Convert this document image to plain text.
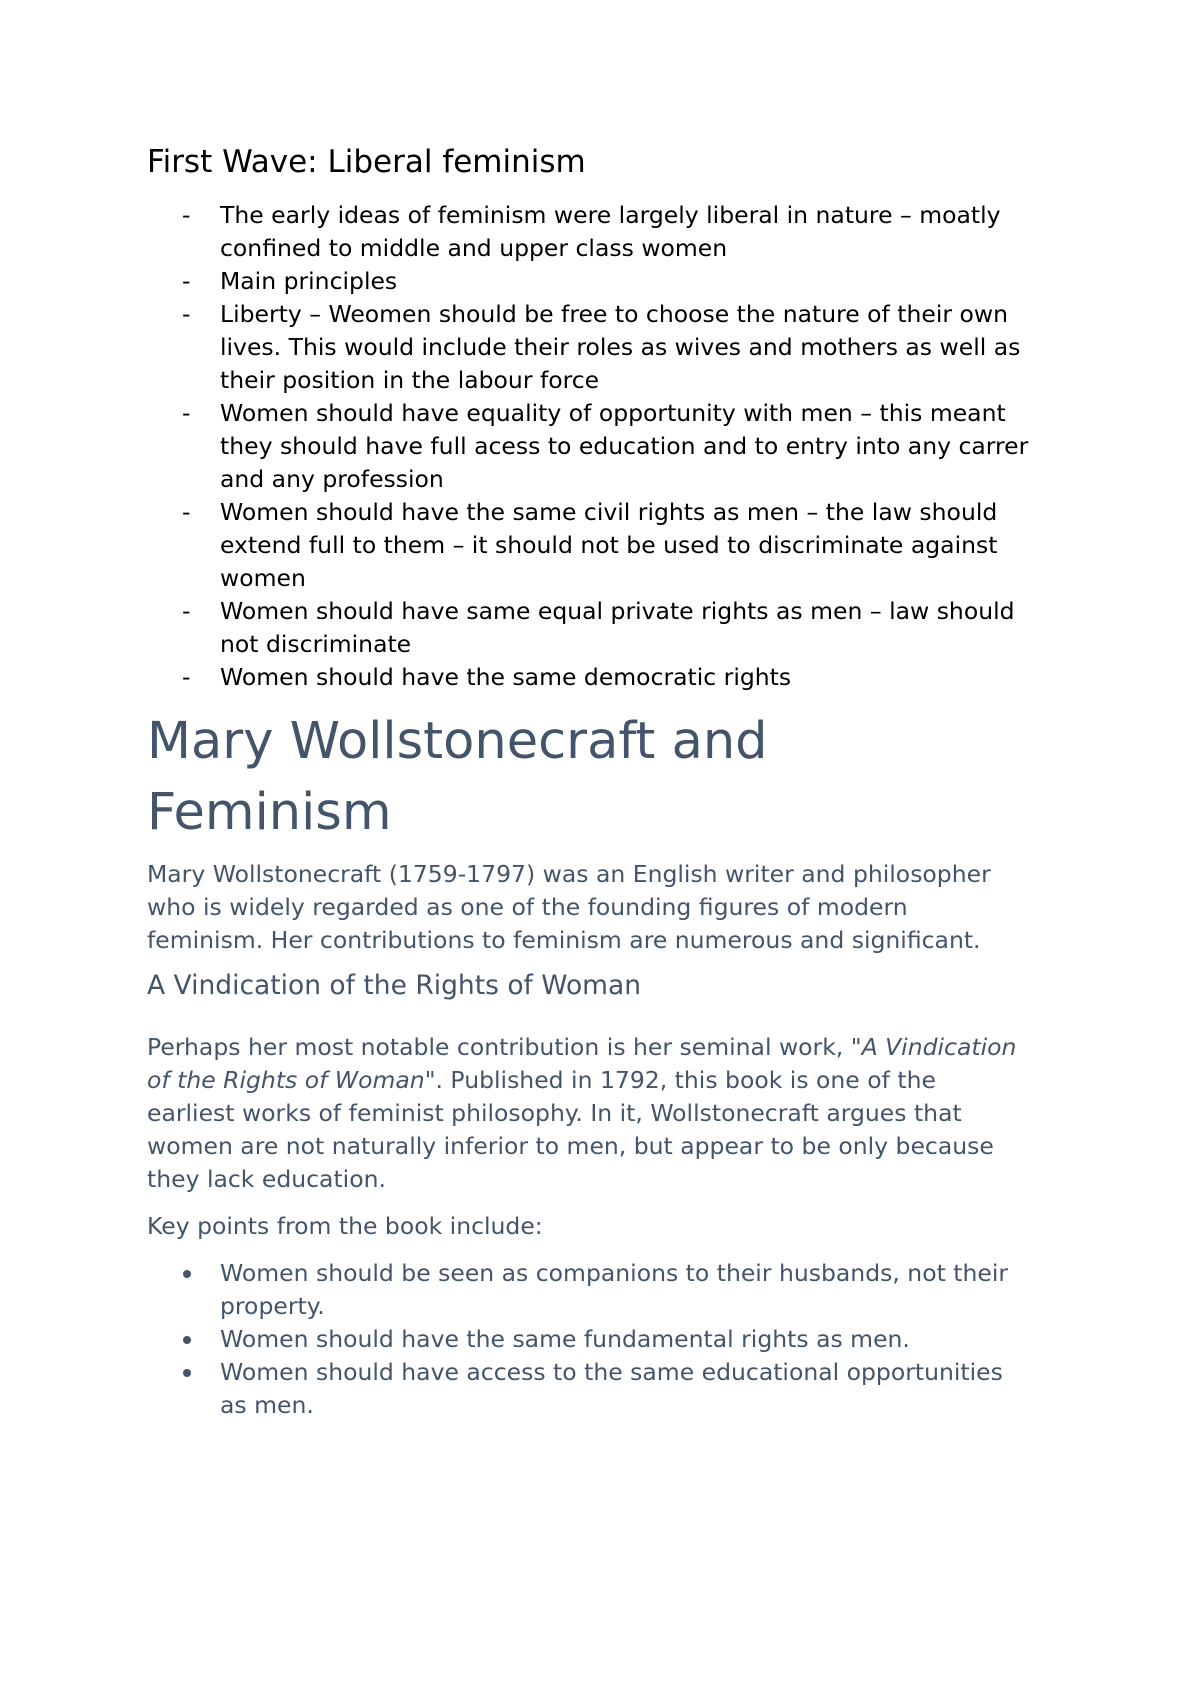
First Wave: Liberal feminism
- The early ideas of feminism were largely liberal in nature – moatly
confined to middle and upper class women
- Main principles
- Liberty – Weomen should be free to choose the nature of their own
lives. This would include their roles as wives and mothers as well as
their position in the labour force
- Women should have equality of opportunity with men – this meant
they should have full acess to education and to entry into any carrer
and any profession
- Women should have the same civil rights as men – the law should
extend full to them – it should not be used to discriminate against
women
- Women should have same equal private rights as men – law should
not discriminate
- Women should have the same democratic rights
Mary Wollstonecraft and
Feminism

Mary Wollstonecraft (1759-1797) was an English writer and philosopher
who is widely regarded as one of the founding figures of modern
feminism. Her contributions to feminism are numerous and significant.

A Vindication of the Rights of Woman

Perhaps her most notable contribution is her seminal work, "A Vindication
of the Rights of Woman". Published in 1792, this book is one of the
earliest works of feminist philosophy. In it, Wollstonecraft argues that
women are not naturally inferior to men, but appear to be only because
they lack education.

Key points from the book include:

Women should be seen as companions to their husbands, not their
property.
Women should have the same fundamental rights as men.
Women should have access to the same educational opportunities
as men.
